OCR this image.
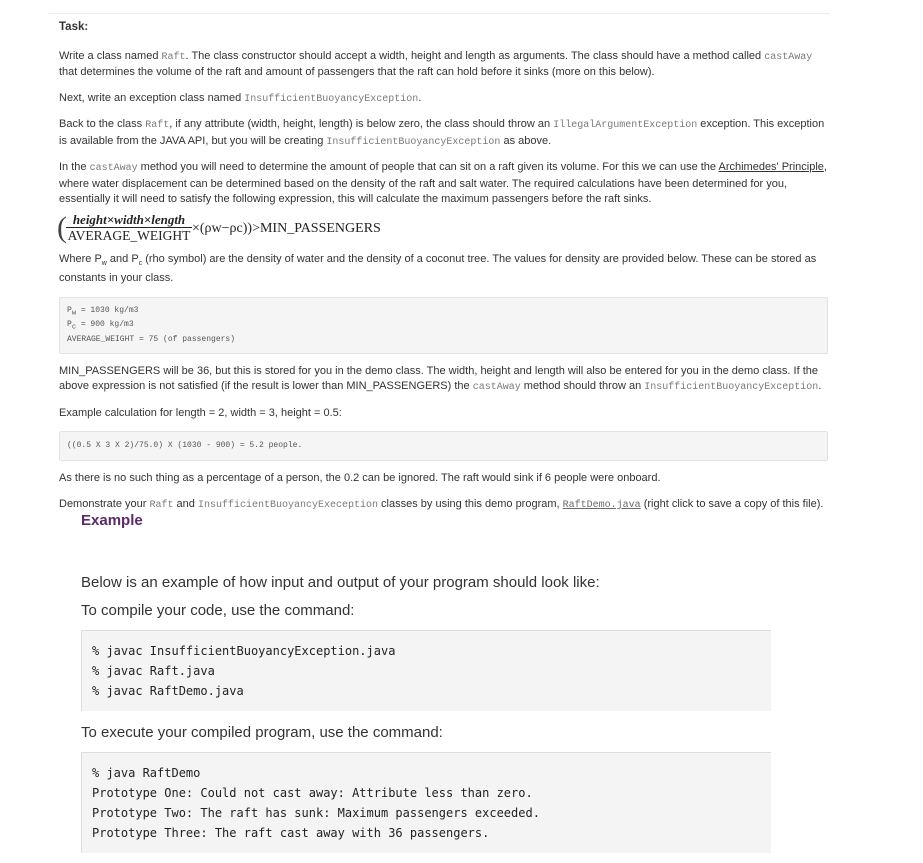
Task:

Write a class named Raft. The class constructor should accept a width, height and length as arguments. The class should have a method called castAway that determines the volume of the raft and amount of passengers that the raft can hold before it sinks (more on this below).

Next, write an exception class named InsufficientBuoyancyException.

Back to the class Raft, if any attribute (width, height, length) is below zero, the class should throw an IllegalArgumentException exception. This exception is available from the JAVA API, but you will be creating InsufficientBuoyancyException as above.

In the castAway method you will need to determine the amount of people that can sit on a raft given its volume. For this we can use the Archimedes' Principle, where water displacement can be determined based on the density of the raft and salt water. The required calculations have been determined for you, essentially it will need to satisfy the following expression, this will calculate the maximum passengers before the raft sinks.

( height×width×length
AVERAGE_WEIGHT ×(ρw−ρc))>MIN_PASSENGERS

Where $P_w$ and $P_c$ (rho symbol) are the density of water and the density of a coconut tree. The values for density are provided below. These can be stored as constants in your class.

$P_w = 1030$ kg/m3
$P_c = 900$ kg/m3
AVERAGE_WEIGHT = 75 (of passengers)

MIN_PASSENGERS will be 36, but this is stored for you in the demo class. The width, height and length will also be entered for you in the demo class. If the above expression is not satisfied (if the result is lower than MIN_PASSENGERS) the castAway method should throw an InsufficientBuoyancyException.

Example calculation for length = 2, width = 3, height = 0.5:

((0.5 X 3 X 2)/75.0) X (1030 - 900) = 5.2 people.

As there is no such thing as a percentage of a person, the 0.2 can be ignored. The raft would sink if 6 people were onboard.

Demonstrate your Raft and InsufficientBuoyancyExeception classes by using this demo program, RaftDemo.java (right click to save a copy of this file).

Example

Below is an example of how input and output of your program should look like:

To compile your code, use the command:

% javac InsufficientBuoyancyException.java
% javac Raft.java
% javac RaftDemo.java

To execute your compiled program, use the command:

% java RaftDemo
Prototype One: Could not cast away: Attribute less than zero.
Prototype Two: The raft has sunk: Maximum passengers exceeded.
Prototype Three: The raft cast away with 36 passengers.
